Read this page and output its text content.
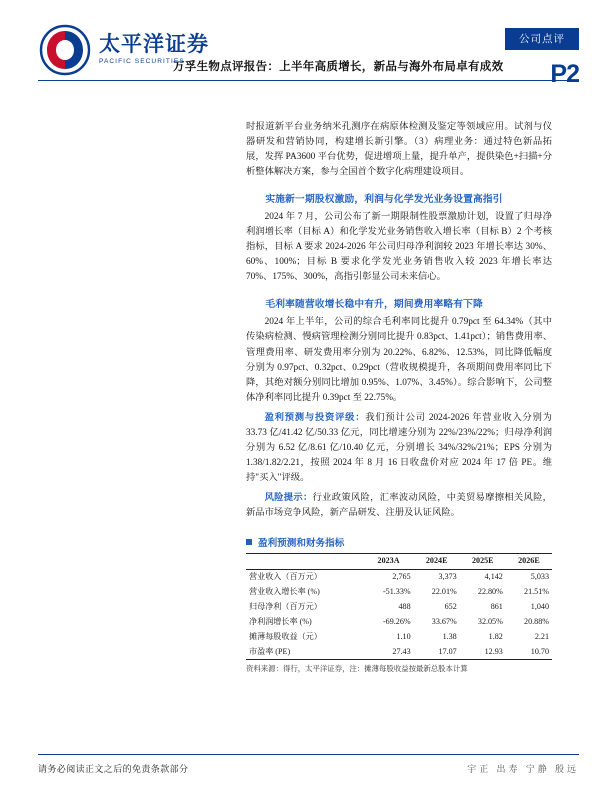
太平洋证券
PACIFIC SECURITIES
公司点评
P2
万孚生物点评报告：上半年高质增长，新品与海外布局卓有成效

时报道新平台业务纳米孔测序在病原体检测及鉴定等领域应用。试剂与仪器研发和营销协同，构建增长新引擎。（3）病理业务：通过特色新品拓展，发挥 PA3600 平台优势，促进增项上量，提升单产，提供染色+扫描+分析整体解决方案，参与全国首个数字化病理建设项目。

实施新一期股权激励，利润与化学发光业务设置高指引

2024 年 7 月，公司公布了新一期限制性股票激励计划，设置了归母净利润增长率（目标 A）和化学发光业务销售收入增长率（目标 B）2 个考核指标，目标 A 要求 2024-2026 年公司归母净利润较 2023 年增长率达 30%、60%、100%；目标 B 要求化学发光业务销售收入较 2023 年增长率达 70%、175%、300%，高指引彰显公司未来信心。

毛利率随营收增长稳中有升，期间费用率略有下降

2024 年上半年，公司的综合毛利率同比提升 0.79pct 至 64.34%（其中传染病检测、慢病管理检测分别同比提升 0.83pct、1.41pct）；销售费用率、管理费用率、研发费用率分别为 20.22%、6.82%、12.53%，同比降低幅度分别为 0.97pct、0.32pct、0.29pct（营收规模提升，各项期间费用率同比下降，其绝对额分别同比增加 0.95%、1.07%、3.45%）。综合影响下，公司整体净利率同比提升 0.39pct 至 22.75%。

盈利预测与投资评级：我们预计公司 2024-2026 年营业收入分别为 33.73 亿/41.42 亿/50.33 亿元，同比增速分别为 22%/23%/22%；归母净利润分别为 6.52 亿/8.61 亿/10.40 亿元，分别增长 34%/32%/21%；EPS 分别为 1.38/1.82/2.21，按照 2024 年 8 月 16 日收盘价对应 2024 年 17 倍 PE。维持"买入"评级。

风险提示：行业政策风险，汇率波动风险，中美贸易摩擦相关风险，新品市场竞争风险，新产品研发、注册及认证风险。

盈利预测和财务指标
	2023A	2024E	2025E	2026E
营业收入（百万元）	2,765	3,373	4,142	5,033
营业收入增长率 (%)	-51.33%	22.01%	22.80%	21.51%
归母净利（百万元）	488	652	861	1,040
净利润增长率 (%)	-69.26%	33.67%	32.05%	20.88%
摊薄每股收益（元）	1.10	1.38	1.82	2.21
市盈率 (PE)	27.43	17.07	12.93	10.70
资料来源：得行，太平洋证券，注：摊薄每股收益按最新总股本计算
请务必阅读正文之后的免责条款部分	宇正 出寿 宁静 殷远
